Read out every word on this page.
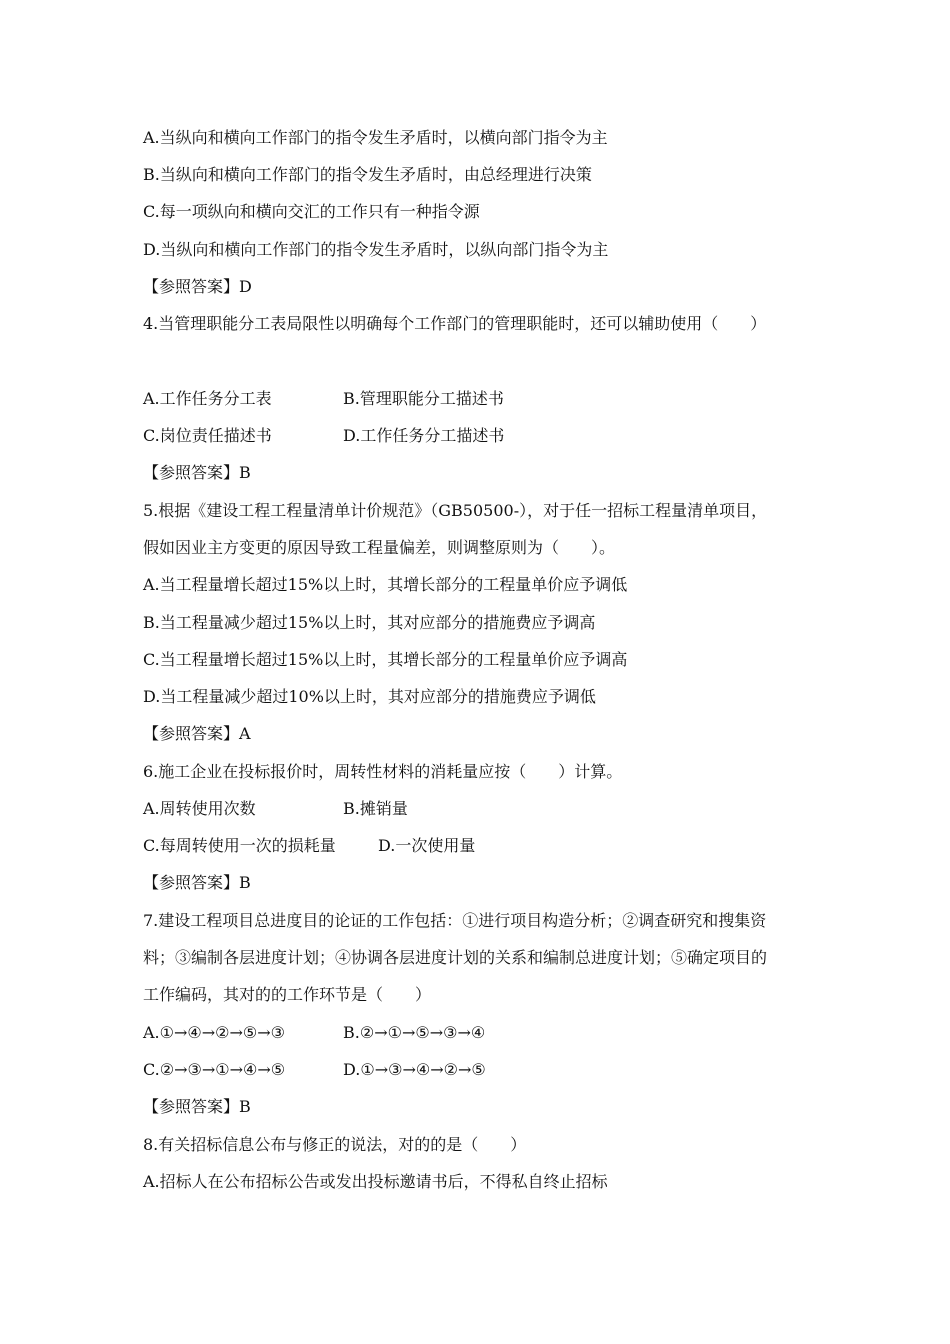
A.当纵向和横向工作部门的指令发生矛盾时，以横向部门指令为主
B.当纵向和横向工作部门的指令发生矛盾时，由总经理进行决策
C.每一项纵向和横向交汇的工作只有一种指令源
D.当纵向和横向工作部门的指令发生矛盾时，以纵向部门指令为主
【参照答案】D
4.当管理职能分工表局限性以明确每个工作部门的管理职能时，还可以辅助使用（　　）
A.工作任务分工表	B.管理职能分工描述书
C.岗位责任描述书	D.工作任务分工描述书
【参照答案】B
5.根据《建设工程工程量清单计价规范》（GB50500-），对于任一招标工程量清单项目，
假如因业主方变更的原因导致工程量偏差，则调整原则为（　　）。
A.当工程量增长超过15%以上时，其增长部分的工程量单价应予调低
B.当工程量减少超过15%以上时，其对应部分的措施费应予调高
C.当工程量增长超过15%以上时，其增长部分的工程量单价应予调高
D.当工程量减少超过10%以上时，其对应部分的措施费应予调低
【参照答案】A
6.施工企业在投标报价时，周转性材料的消耗量应按（　　）计算。
A.周转使用次数	B.摊销量
C.每周转使用一次的损耗量	D.一次使用量
【参照答案】B
7.建设工程项目总进度目的论证的工作包括：①进行项目构造分析；②调查研究和搜集资
料；③编制各层进度计划；④协调各层进度计划的关系和编制总进度计划；⑤确定项目的
工作编码，其对的的工作环节是（　　）
A.①→④→②→⑤→③	B.②→①→⑤→③→④
C.②→③→①→④→⑤	D.①→③→④→②→⑤
【参照答案】B
8.有关招标信息公布与修正的说法，对的的是（　　）
A.招标人在公布招标公告或发出投标邀请书后，不得私自终止招标
